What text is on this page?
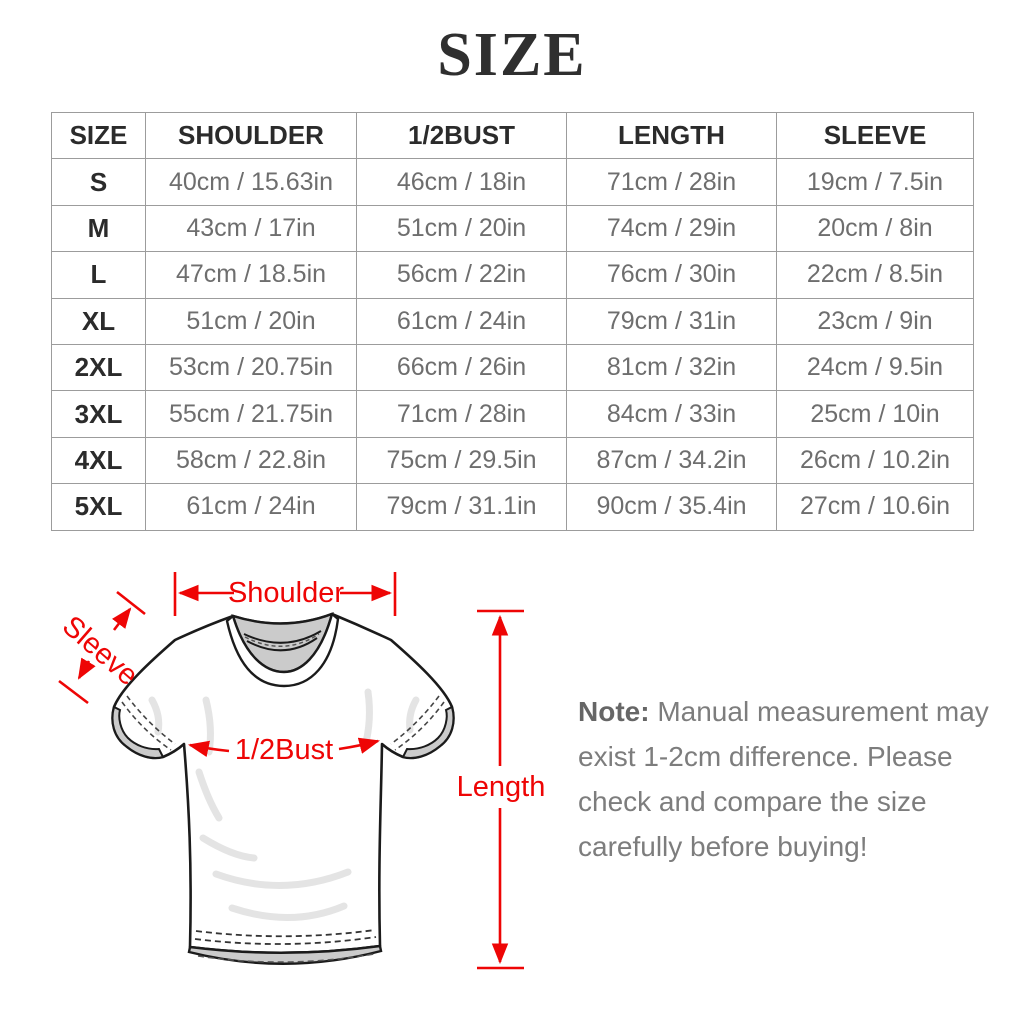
SIZE
SIZE	SHOULDER	1/2BUST	LENGTH	SLEEVE
S	40cm / 15.63in	46cm / 18in	71cm / 28in	19cm / 7.5in
M	43cm / 17in	51cm / 20in	74cm / 29in	20cm / 8in
L	47cm / 18.5in	56cm / 22in	76cm / 30in	22cm / 8.5in
XL	51cm / 20in	61cm / 24in	79cm / 31in	23cm / 9in
2XL	53cm / 20.75in	66cm / 26in	81cm / 32in	24cm / 9.5in
3XL	55cm / 21.75in	71cm / 28in	84cm / 33in	25cm / 10in
4XL	58cm / 22.8in	75cm / 29.5in	87cm / 34.2in	26cm / 10.2in
5XL	61cm / 24in	79cm / 31.1in	90cm / 35.4in	27cm / 10.6in
Shoulder
Sleeve
1/2Bust
Length
Note: Manual measurement may
exist 1-2cm difference. Please
check and compare the size
carefully before buying!
